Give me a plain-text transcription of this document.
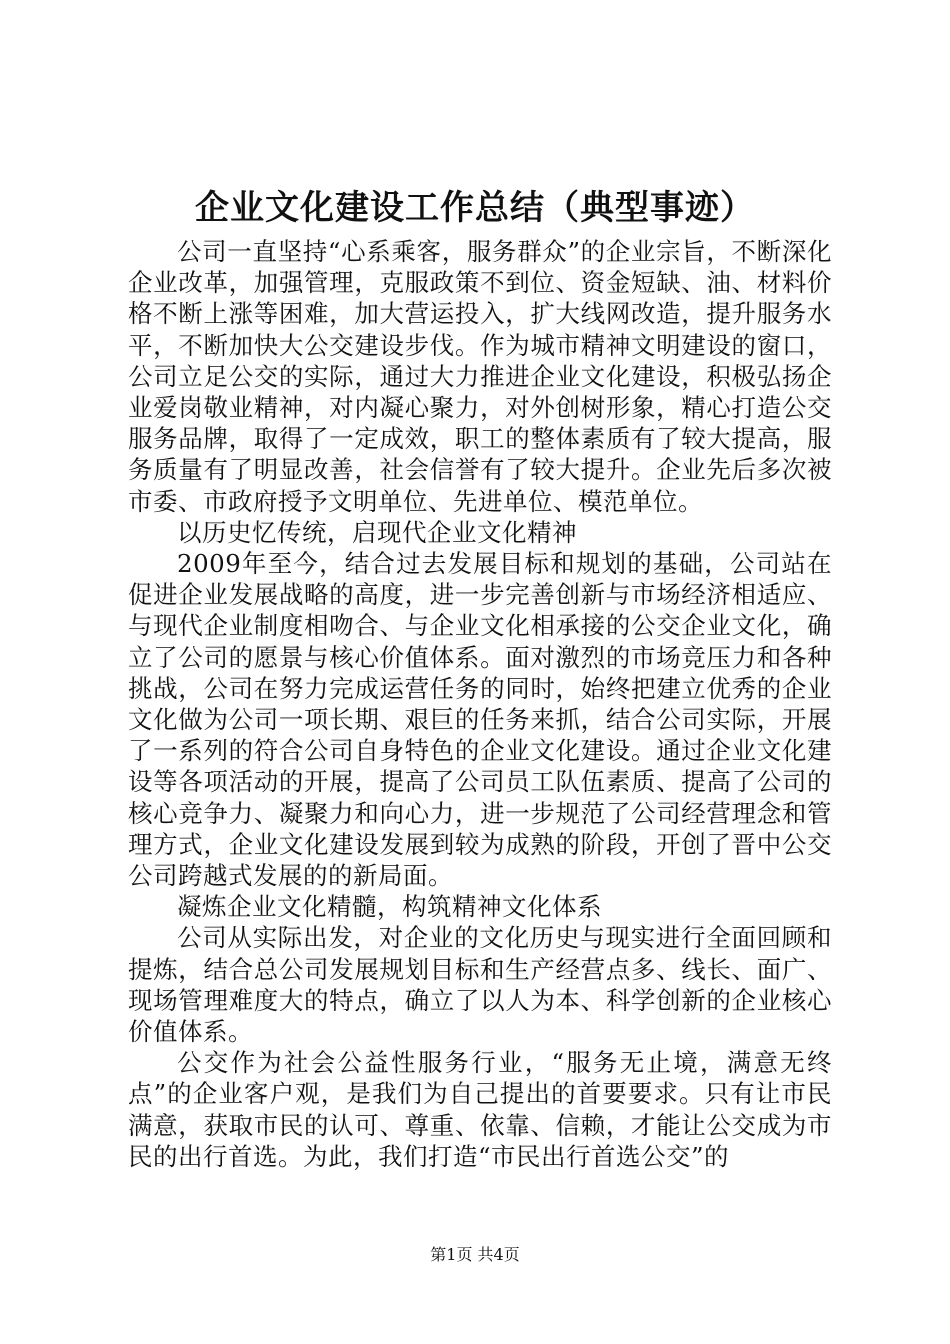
企业文化建设工作总结（典型事迹）

公司一直坚持“心系乘客，服务群众”的企业宗旨，不断深化企业改革，加强管理，克服政策不到位、资金短缺、油、材料价格不断上涨等困难，加大营运投入，扩大线网改造，提升服务水平，不断加快大公交建设步伐。作为城市精神文明建设的窗口，公司立足公交的实际，通过大力推进企业文化建设，积极弘扬企业爱岗敬业精神，对内凝心聚力，对外创树形象，精心打造公交服务品牌，取得了一定成效，职工的整体素质有了较大提高，服务质量有了明显改善，社会信誉有了较大提升。企业先后多次被市委、市政府授予文明单位、先进单位、模范单位。

以历史忆传统，启现代企业文化精神

2009年至今，结合过去发展目标和规划的基础，公司站在促进企业发展战略的高度，进一步完善创新与市场经济相适应、与现代企业制度相吻合、与企业文化相承接的公交企业文化，确立了公司的愿景与核心价值体系。面对激烈的市场竞压力和各种挑战，公司在努力完成运营任务的同时，始终把建立优秀的企业文化做为公司一项长期、艰巨的任务来抓，结合公司实际，开展了一系列的符合公司自身特色的企业文化建设。通过企业文化建设等各项活动的开展，提高了公司员工队伍素质、提高了公司的核心竞争力、凝聚力和向心力，进一步规范了公司经营理念和管理方式，企业文化建设发展到较为成熟的阶段，开创了晋中公交公司跨越式发展的的新局面。

凝炼企业文化精髓，构筑精神文化体系

公司从实际出发，对企业的文化历史与现实进行全面回顾和提炼，结合总公司发展规划目标和生产经营点多、线长、面广、现场管理难度大的特点，确立了以人为本、科学创新的企业核心价值体系。

公交作为社会公益性服务行业，“服务无止境，满意无终点”的企业客户观，是我们为自己提出的首要要求。只有让市民满意，获取市民的认可、尊重、依靠、信赖，才能让公交成为市民的出行首选。为此，我们打造“市民出行首选公交”的

第1页 共4页
